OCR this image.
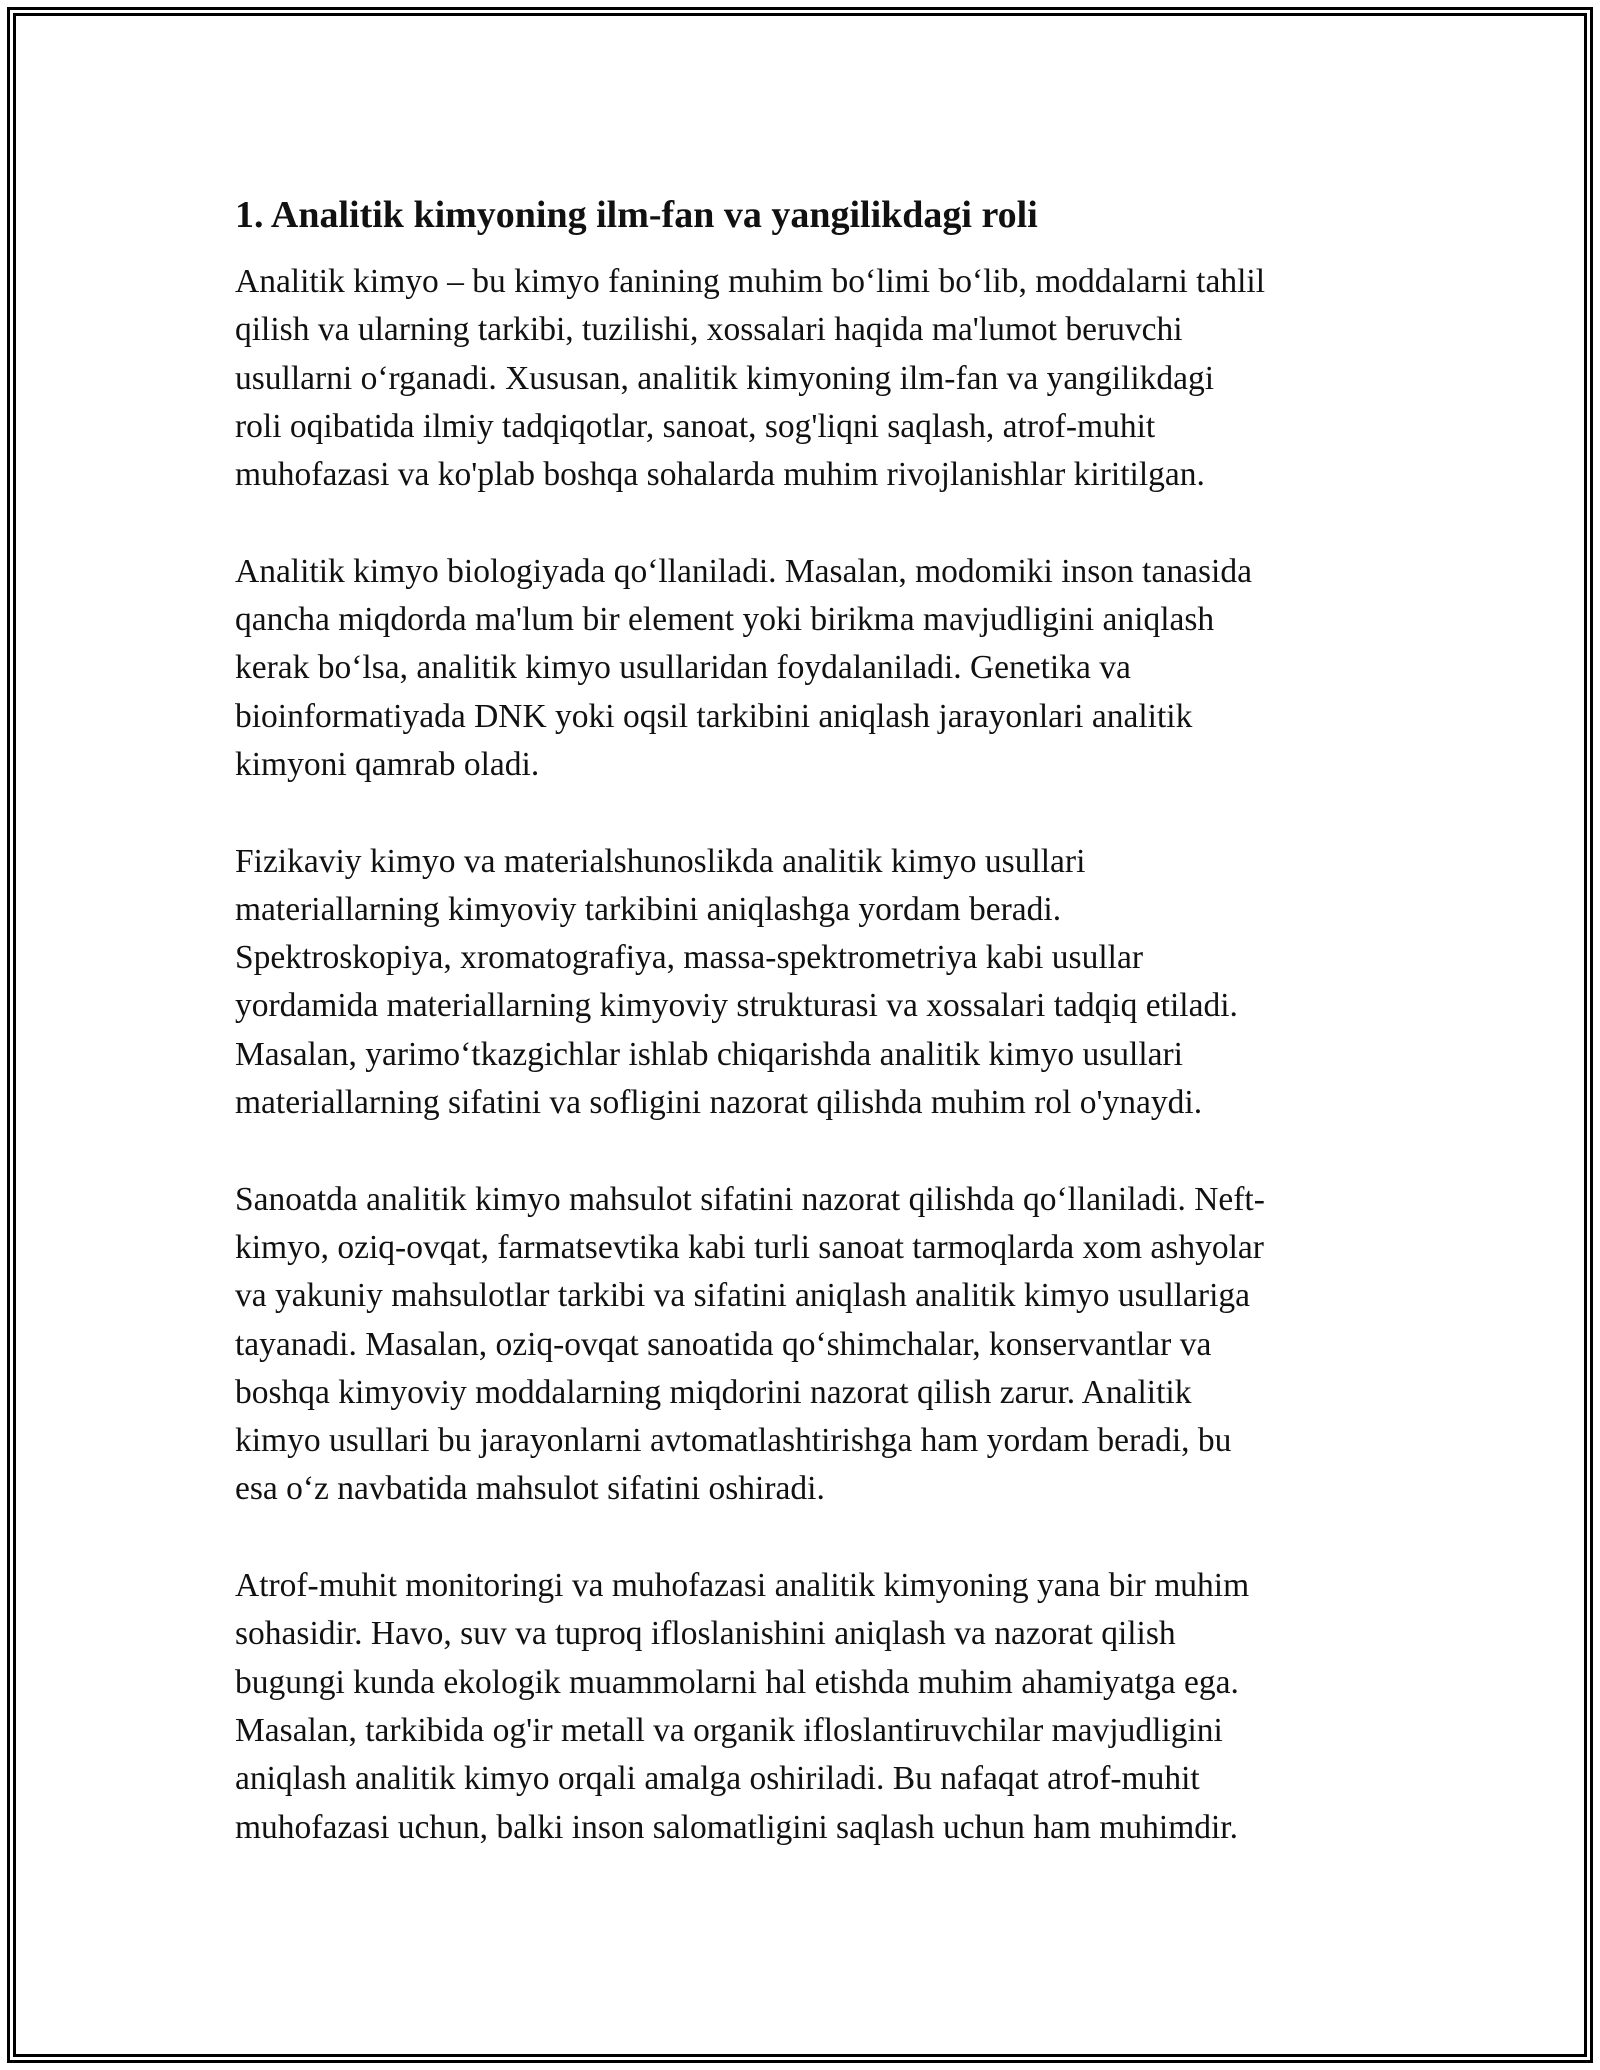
1. Analitik kimyoning ilm-fan va yangilikdagi roli
Analitik kimyo – bu kimyo fanining muhim bo‘limi bo‘lib, moddalarni tahlil
qilish va ularning tarkibi, tuzilishi, xossalari haqida ma'lumot beruvchi
usullarni o‘rganadi. Xususan, analitik kimyoning ilm-fan va yangilikdagi
roli oqibatida ilmiy tadqiqotlar, sanoat, sog'liqni saqlash, atrof-muhit
muhofazasi va ko'plab boshqa sohalarda muhim rivojlanishlar kiritilgan.
Analitik kimyo biologiyada qo‘llaniladi. Masalan, modomiki inson tanasida
qancha miqdorda ma'lum bir element yoki birikma mavjudligini aniqlash
kerak bo‘lsa, analitik kimyo usullaridan foydalaniladi. Genetika va
bioinformatiyada DNK yoki oqsil tarkibini aniqlash jarayonlari analitik
kimyoni qamrab oladi.
Fizikaviy kimyo va materialshunoslikda analitik kimyo usullari
materiallarning kimyoviy tarkibini aniqlashga yordam beradi.
Spektroskopiya, xromatografiya, massa-spektrometriya kabi usullar
yordamida materiallarning kimyoviy strukturasi va xossalari tadqiq etiladi.
Masalan, yarimo‘tkazgichlar ishlab chiqarishda analitik kimyo usullari
materiallarning sifatini va sofligini nazorat qilishda muhim rol o'ynaydi.
Sanoatda analitik kimyo mahsulot sifatini nazorat qilishda qo‘llaniladi. Neft-
kimyo, oziq-ovqat, farmatsevtika kabi turli sanoat tarmoqlarda xom ashyolar
va yakuniy mahsulotlar tarkibi va sifatini aniqlash analitik kimyo usullariga
tayanadi. Masalan, oziq-ovqat sanoatida qo‘shimchalar, konservantlar va
boshqa kimyoviy moddalarning miqdorini nazorat qilish zarur. Analitik
kimyo usullari bu jarayonlarni avtomatlashtirishga ham yordam beradi, bu
esa o‘z navbatida mahsulot sifatini oshiradi.
Atrof-muhit monitoringi va muhofazasi analitik kimyoning yana bir muhim
sohasidir. Havo, suv va tuproq ifloslanishini aniqlash va nazorat qilish
bugungi kunda ekologik muammolarni hal etishda muhim ahamiyatga ega.
Masalan, tarkibida og'ir metall va organik ifloslantiruvchilar mavjudligini
aniqlash analitik kimyo orqali amalga oshiriladi. Bu nafaqat atrof-muhit
muhofazasi uchun, balki inson salomatligini saqlash uchun ham muhimdir.
